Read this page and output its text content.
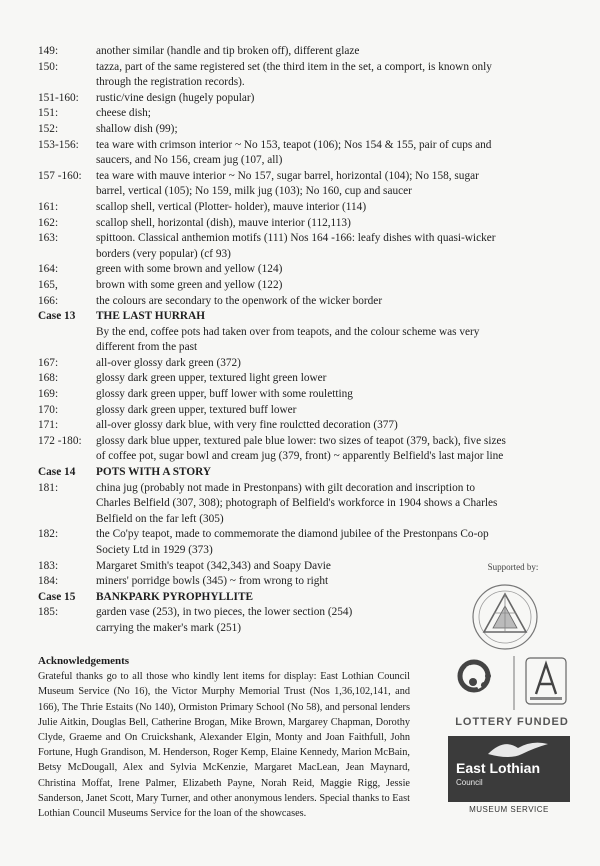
149:	another similar (handle and tip broken off), different glaze
150:	tazza, part of the same registered set (the third item in the set, a comport, is known only
through the registration records).
151-160:	rustic/vine design (hugely popular)
151:	cheese dish;
152:	shallow dish (99);
153-156:	tea ware with crimson interior ~ No 153, teapot (106); Nos 154 & 155, pair of cups and
saucers, and No 156, cream jug (107, all)
157 -160:	tea ware with mauve interior ~ No 157, sugar barrel, horizontal (104); No 158, sugar
barrel, vertical (105); No 159, milk jug (103); No 160, cup and saucer
161:	scallop shell, vertical (Plotter- holder), mauve interior (114)
162:	scallop shell, horizontal (dish), mauve interior (112,113)
163:	spittoon. Classical anthemion motifs (111) Nos 164 -166: leafy dishes with quasi-wicker
borders (very popular) (cf 93)
164:	green with some brown and yellow (124)
165,	brown with some green and yellow (122)
166:	the colours are secondary to the openwork of the wicker border
Case 13	THE LAST HURRAH
By the end, coffee pots had taken over from teapots, and the colour scheme was very
different from the past
167:	all-over glossy dark green (372)
168:	glossy dark green upper, textured light green lower
169:	glossy dark green upper, buff lower with some rouletting
170:	glossy dark green upper, textured buff lower
171:	all-over glossy dark blue, with very fine roulctted decoration (377)
172 -180:	glossy dark blue upper, textured pale blue lower: two sizes of teapot (379, back), five sizes
of coffee pot, sugar bowl and cream jug (379, front) ~ apparently Belfield's last major line
Case 14	POTS WITH A STORY
181:	china jug (probably not made in Prestonpans) with gilt decoration and inscription to
Charles Belfield (307, 308); photograph of Belfield's workforce in 1904 shows a Charles
Belfield on the far left (305)
182:	the Co'py teapot, made to commemorate the diamond jubilee of the Prestonpans Co-op
Society Ltd in 1929 (373)
183:	Margaret Smith's teapot (342,343) and Soapy Davie
184:	miners' porridge bowls (345) ~ from wrong to right
Case 15	BANKPARK PYROPHYLLITE
185:	garden vase (253), in two pieces, the lower section (254)
carrying the maker's mark (251)
Acknowledgements

Grateful thanks go to all those who kindly lent items for display: East Lothian Council Museum Service (No 16), the Victor Murphy Memorial Trust (Nos 1,36,102,141, and 166), The Thrie Estaits (No 140), Ormiston Primary School (No 58), and personal lenders Julie Aitkin, Douglas Bell, Catherine Brogan, Mike Brown, Margarey Chapman, Dorothy Clyde, Graeme and On Cruickshank, Alexander Elgin, Monty and Joan Faithfull, John Fortune, Hugh Grandison, M. Henderson, Roger Kemp, Elaine Kennedy, Marion McBain, Betsy McDougall, Alex and Sylvia McKenzie, Margaret MacLean, Jean Maynard, Christina Moffat, Irene Palmer, Elizabeth Payne, Norah Reid, Maggie Rigg, Jessie Sanderson, Janet Scott, Mary Turner, and other anonymous lenders. Special thanks to East Lothian Council Museums Service for the loan of the showcases.

Supported by:
LOTTERY FUNDED
East Lothian
Council
MUSEUM SERVICE
